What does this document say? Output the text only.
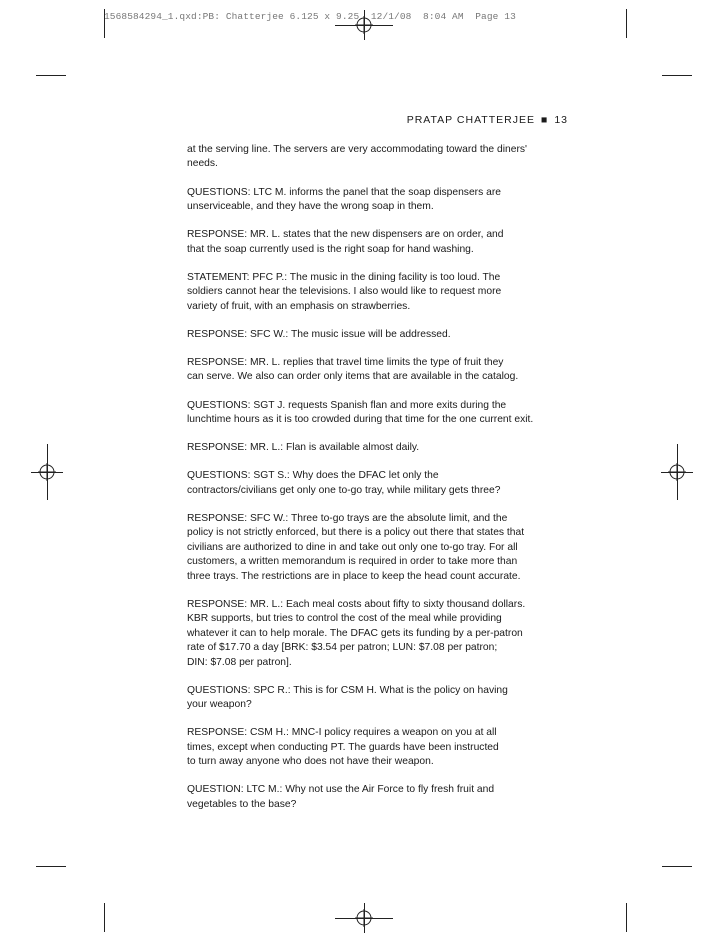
1568584294_1.qxd:PB: Chatterjee 6.125 x 9.25  12/1/08  8:04 AM  Page 13
PRATAP CHATTERJEE ■ 13

at the serving line. The servers are very accommodating toward the diners'
needs.

QUESTIONS: LTC M. informs the panel that the soap dispensers are
unserviceable, and they have the wrong soap in them.

RESPONSE: MR. L. states that the new dispensers are on order, and
that the soap currently used is the right soap for hand washing.

STATEMENT: PFC P.: The music in the dining facility is too loud. The
soldiers cannot hear the televisions. I also would like to request more
variety of fruit, with an emphasis on strawberries.

RESPONSE: SFC W.: The music issue will be addressed.

RESPONSE: MR. L. replies that travel time limits the type of fruit they
can serve. We also can order only items that are available in the catalog.

QUESTIONS: SGT J. requests Spanish flan and more exits during the
lunchtime hours as it is too crowded during that time for the one current exit.

RESPONSE: MR. L.: Flan is available almost daily.

QUESTIONS: SGT S.: Why does the DFAC let only the
contractors/civilians get only one to-go tray, while military gets three?

RESPONSE: SFC W.: Three to-go trays are the absolute limit, and the
policy is not strictly enforced, but there is a policy out there that states that
civilians are authorized to dine in and take out only one to-go tray. For all
customers, a written memorandum is required in order to take more than
three trays. The restrictions are in place to keep the head count accurate.

RESPONSE: MR. L.: Each meal costs about fifty to sixty thousand dollars.
KBR supports, but tries to control the cost of the meal while providing
whatever it can to help morale. The DFAC gets its funding by a per-patron
rate of $17.70 a day [BRK: $3.54 per patron; LUN: $7.08 per patron;
DIN: $7.08 per patron].

QUESTIONS: SPC R.: This is for CSM H. What is the policy on having
your weapon?

RESPONSE: CSM H.: MNC-I policy requires a weapon on you at all
times, except when conducting PT. The guards have been instructed
to turn away anyone who does not have their weapon.

QUESTION: LTC M.: Why not use the Air Force to fly fresh fruit and
vegetables to the base?
